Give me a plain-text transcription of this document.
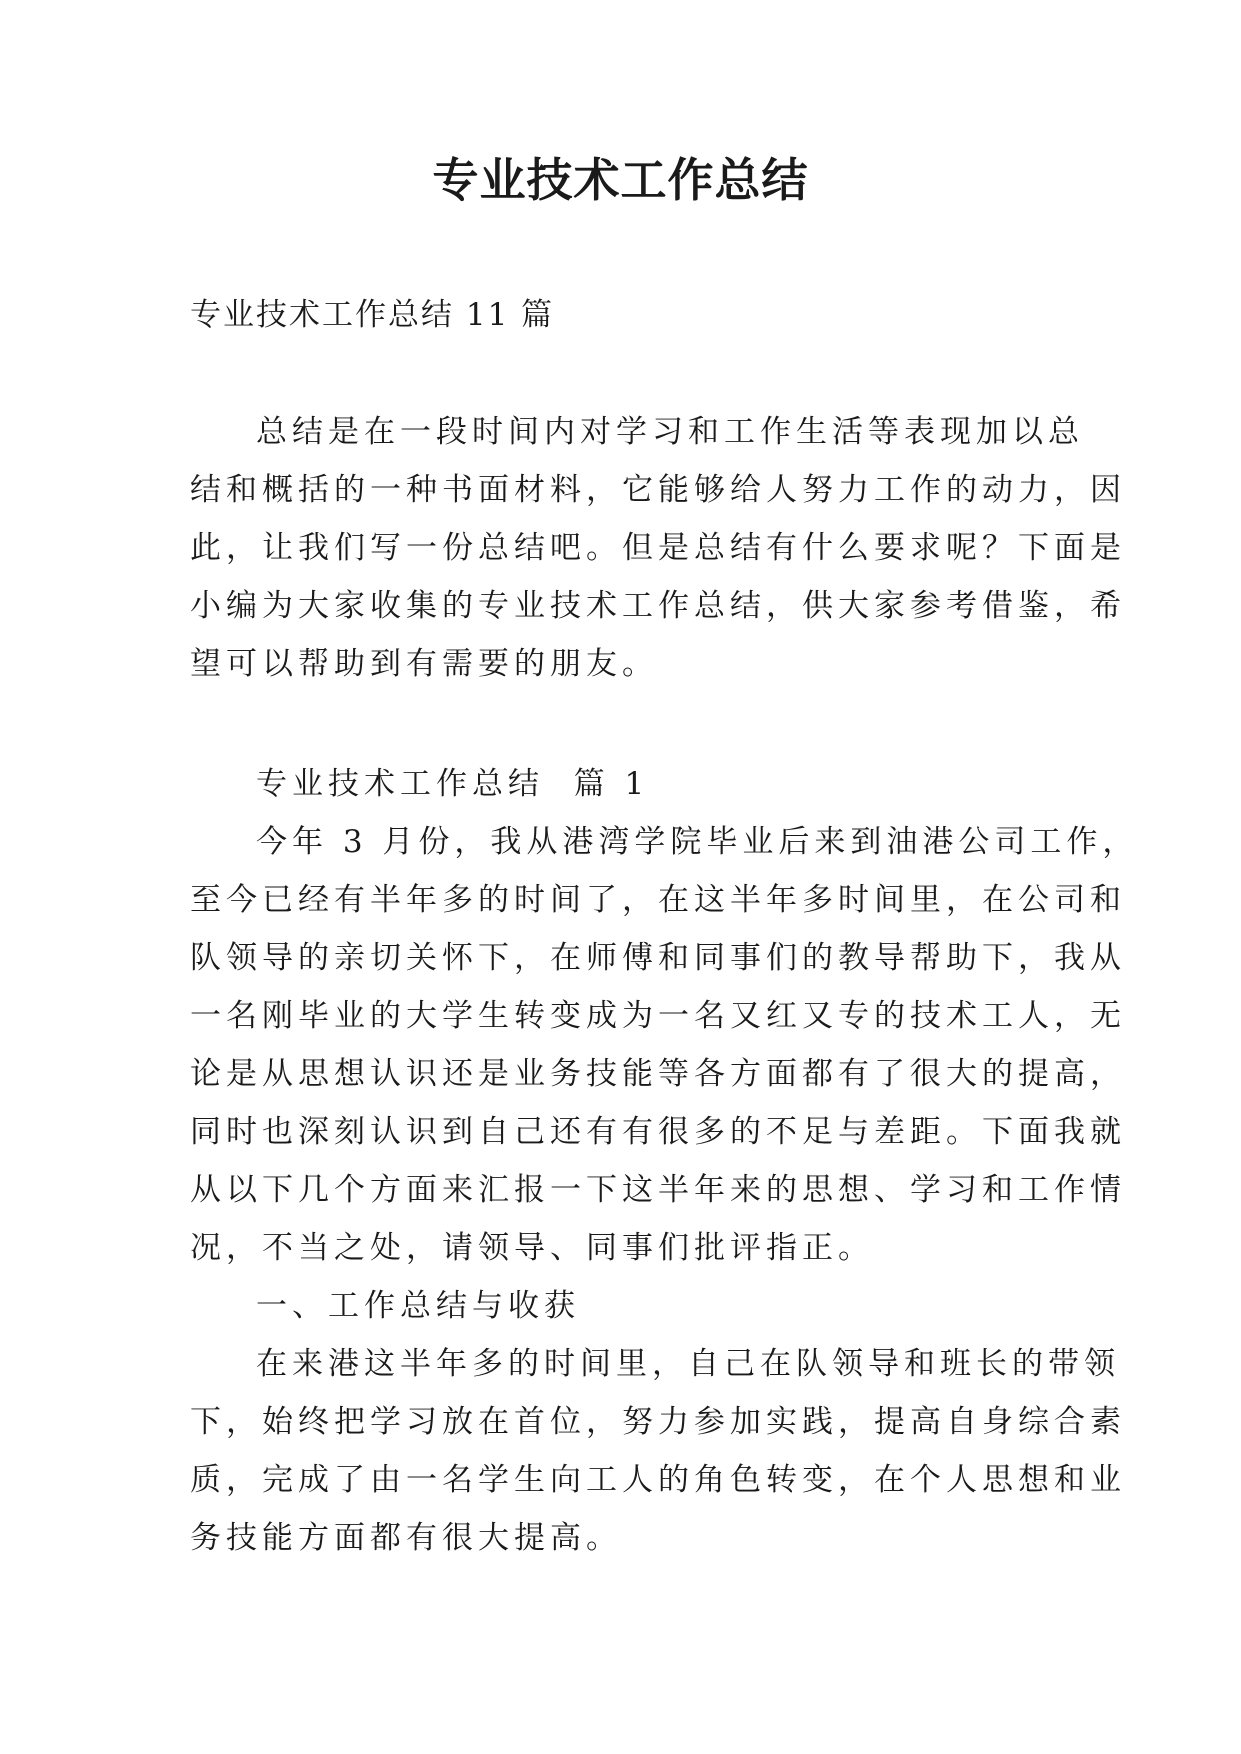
专业技术工作总结
专业技术工作总结 11 篇
总结是在一段时间内对学习和工作生活等表现加以总
结和概括的一种书面材料，它能够给人努力工作的动力，因
此，让我们写一份总结吧。但是总结有什么要求呢？下面是
小编为大家收集的专业技术工作总结，供大家参考借鉴，希
望可以帮助到有需要的朋友。
专业技术工作总结  篇 1
今年 3 月份，我从港湾学院毕业后来到油港公司工作，
至今已经有半年多的时间了，在这半年多时间里，在公司和
队领导的亲切关怀下，在师傅和同事们的教导帮助下，我从
一名刚毕业的大学生转变成为一名又红又专的技术工人，无
论是从思想认识还是业务技能等各方面都有了很大的提高，
同时也深刻认识到自己还有有很多的不足与差距。下面我就
从以下几个方面来汇报一下这半年来的思想、学习和工作情
况，不当之处，请领导、同事们批评指正。
一、工作总结与收获
在来港这半年多的时间里，自己在队领导和班长的带领
下，始终把学习放在首位，努力参加实践，提高自身综合素
质，完成了由一名学生向工人的角色转变，在个人思想和业
务技能方面都有很大提高。
